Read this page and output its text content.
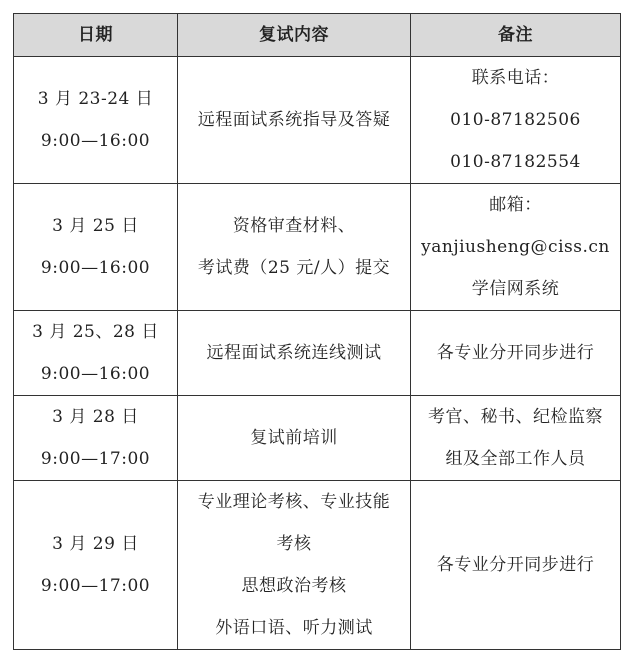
日期	复试内容	备注

3 月 23-24 日
9:00—16:00	远程面试系统指导及答疑	联系电话：
010-87182506
010-87182554

3 月 25 日
9:00—16:00	资格审查材料、
考试费（25 元/人）提交	邮箱：
yanjiusheng@ciss.cn
学信网系统

3 月 25、28 日
9:00—16:00	远程面试系统连线测试	各专业分开同步进行

3 月 28 日
9:00—17:00	复试前培训	考官、秘书、纪检监察
组及全部工作人员

3 月 29 日
9:00—17:00	专业理论考核、专业技能
考核
思想政治考核
外语口语、听力测试	各专业分开同步进行
